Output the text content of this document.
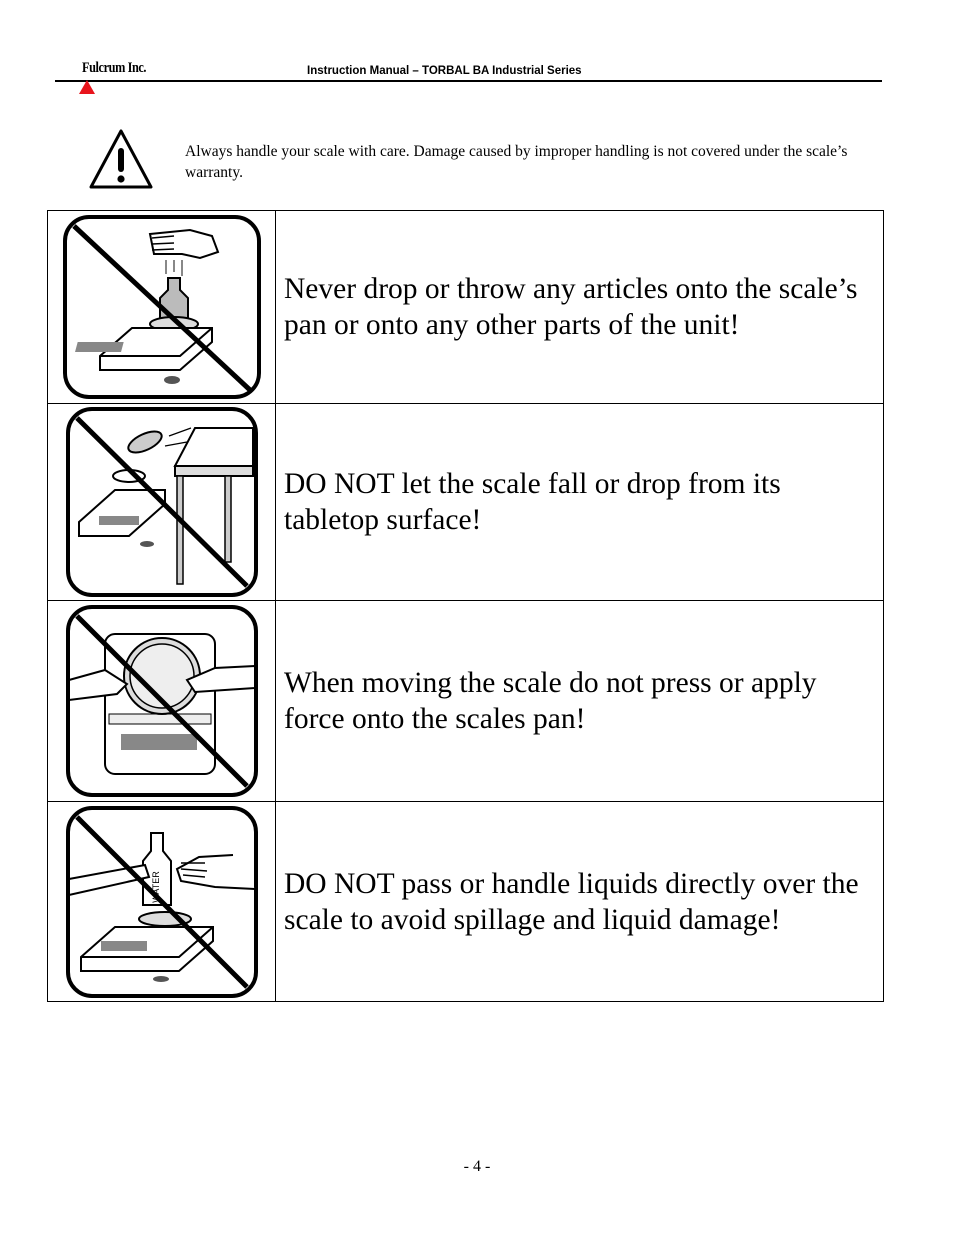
Fulcrum Inc.	Instruction Manual – TORBAL BA Industrial Series
Always handle your scale with care. Damage caused by improper handling is not covered under the scale’s warranty.
	Never drop or throw any articles onto the scale’s pan or onto any other parts of the unit!

	DO NOT let the scale fall or drop from its tabletop surface!

	When moving the scale do not press or apply force onto the scales pan!

WATER	DO NOT pass or handle liquids directly over the scale to avoid spillage and liquid damage!
- 4 -
